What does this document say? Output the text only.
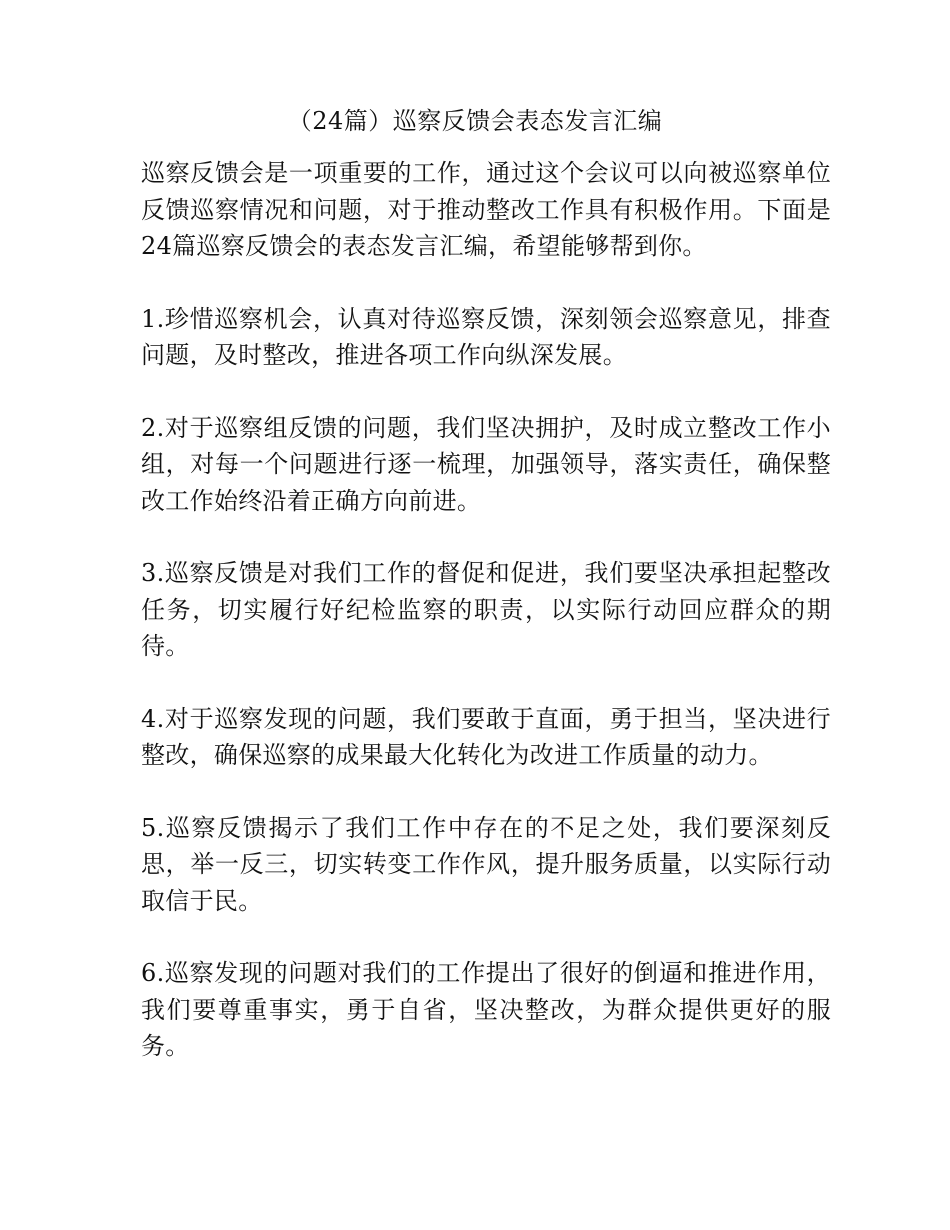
（24篇）巡察反馈会表态发言汇编

巡察反馈会是一项重要的工作，通过这个会议可以向被巡察单位反馈巡察情况和问题，对于推动整改工作具有积极作用。下面是24篇巡察反馈会的表态发言汇编，希望能够帮到你。

1.珍惜巡察机会，认真对待巡察反馈，深刻领会巡察意见，排查问题，及时整改，推进各项工作向纵深发展。

2.对于巡察组反馈的问题，我们坚决拥护，及时成立整改工作小组，对每一个问题进行逐一梳理，加强领导，落实责任，确保整改工作始终沿着正确方向前进。

3.巡察反馈是对我们工作的督促和促进，我们要坚决承担起整改任务，切实履行好纪检监察的职责，以实际行动回应群众的期待。

4.对于巡察发现的问题，我们要敢于直面，勇于担当，坚决进行整改，确保巡察的成果最大化转化为改进工作质量的动力。

5.巡察反馈揭示了我们工作中存在的不足之处，我们要深刻反思，举一反三，切实转变工作作风，提升服务质量，以实际行动取信于民。

6.巡察发现的问题对我们的工作提出了很好的倒逼和推进作用，我们要尊重事实，勇于自省，坚决整改，为群众提供更好的服务。
